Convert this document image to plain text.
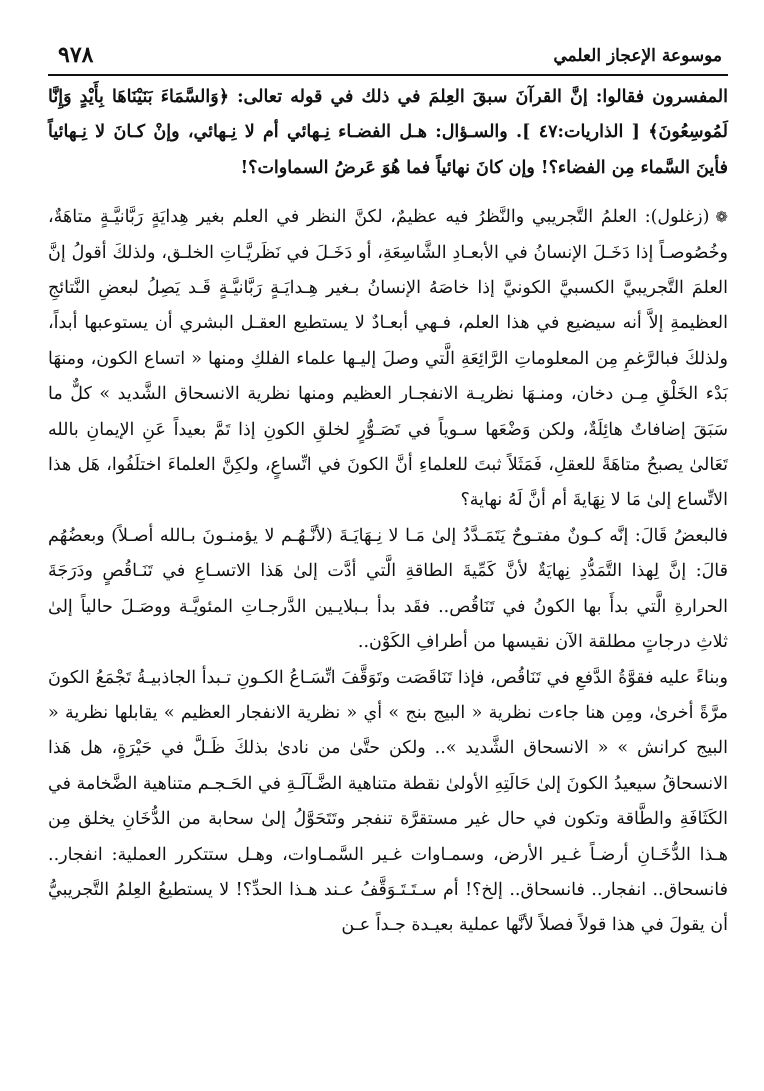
٩٧٨	موسوعة الإعجاز العلمي

المفسرون فقالوا: إنَّ القرآنَ سبقَ العِلمَ في ذلك في قوله تعالى: ﴿وَالسَّمَاءَ بَنَيْنَاهَا بِأَيْدٍ وَإِنَّا لَمُوسِعُونَ﴾ [ الذاريات:٤٧ ]. والسـؤال: هـل الفضـاء نِـهائي أم لا نِـهائي، وإنْ كـانَ لا نِـهائياً فأينَ السَّماء مِن الفضاء؟! وإن كانَ نهائياً فما هُوَ عَرضُ السماوات؟!

❁(زغلول): العلمُ التَّجريبي والنَّظرُ فيه عظيمٌ، لكنَّ النظر في العلم بغير هِدايَةٍ رَبَّانيَّـةٍ متاهَةٌ، وخُصُوصـاً إذا دَخَـلَ الإنسانُ في الأبعـادِ الشَّاسِعَةِ، أو دَخَـلَ في نَظَريَّـاتِ الخلـق، ولذلكَ أقولُ إنَّ العلمَ التَّجريبيَّ الكسبيَّ الكونيَّ إذا خاصَهُ الإنسانُ بـغير هِـدايَـةٍ رَبَّانيَّـةٍ قَـد يَصِلُ لبعضِ النَّتائجِ العظيمةِ إلاَّ أنه سيضيع في هذا العلم، فـهي أبعـادٌ لا يستطيع العقـل البشري أن يستوعبها أبداً، ولذلكَ فبالرَّغمِ مِن المعلوماتِ الرَّائِعَةِ الَّتي وصلَ إليـها علماء الفلكِ ومنها « اتساع الكون، ومنهَا بَدْء الخَلْقِ مِـن دخان، ومنـهَا نظريـة الانفجـار العظيم ومنها نظرية الانسحاق الشَّديد » كلٌّ ما سَبَقَ إضافاتٌ هائِلَةٌ، ولكن وَضْعَها سـوياً في تَصَـوُّرٍ لخلقِ الكونِ إذا تَمَّ بعيداً عَنِ الإيمانِ بالله تَعَالىٰ يصبحُ متاهَةً للعقلِ، فَمَثَلاً ثبتَ للعلماءِ أنَّ الكونَ في اتِّساعٍ، ولكِنَّ العلماءَ اختلَفُوا، هَل هذا الاتِّساع إلىٰ مَا لا نِهَايةَ أم أنَّ لَهُ نهاية؟

فالبعضُ قَالَ: إنَّه كـونٌ مفتـوحٌ يَتَمَـدَّدُ إلىٰ مَـا لا نِـهَايَـةَ (لأنَّـهُـم لا يؤمنـونَ بـالله أصـلاً) وبعضُهُم قالَ: إنَّ لِهذا التَّمَدُّدِ نِهايَةٌ لأنَّ كَمِّيةَ الطاقةِ الَّتي أدَّت إلىٰ هَذا الاتسـاعِ في تَنَـاقُصٍ ودَرَجَةَ الحرارةِ الَّتي بدأَ بها الكونُ في تَنَاقُص.. فقَد بدأ بـبلايـين الدَّرجـاتِ المئويَّـة ووصَـلَ حالياً إلىٰ ثلاثِ درجاتٍ مطلقة الآن نقيسها من أطرافِ الكَوْن..

وبناءً عليه فقوَّةُ الدَّفعِ في تَنَاقُص، فإذا تَنَاقَصَت وتَوَقَّفَ اتِّسَـاعُ الكـونِ تـبدأ الجاذبيـةُ تَجْمَعُ الكونَ مرَّةً أخرىٰ، ومِن هنا جاءت نظرية « البيج بنج » أي « نظرية الانفجار العظيم » يقابلها نظرية « البيج كرانش » « الانسحاق الشَّديد ».. ولكن حتَّىٰ من نادىٰ بذلكَ ظَـلَّ في حَيْرَةٍ، هل هَذا الانسحاقُ سيعيدُ الكونَ إلىٰ حَالَتِهِ الأولىٰ نقطة متناهية الضَّـآلَـةِ في الحَـجـم متناهية الضَّخامة في الكَثَافَةِ والطَّاقة وتكون في حال غير مستقرَّة تنفجر وتَتَحَوَّلُ إلىٰ سحابة من الدُّخَانِ يخلق مِن هـذا الدُّخَـانِ أرضـاً غـير الأرض، وسمـاوات غـير السَّمـاوات، وهـل ستتكرر العملية: انفجار.. فانسحاق.. انفجار.. فانسحاق.. إلخ؟! أم سـتَـتَـوَقَّفُ عـند هـذا الحدِّ؟! لا يستطيعُ العِلمُ التَّجريبيُّ أن يقولَ في هذا قولاً فصلاً لأنَّها عملية بعيـدة جـداً عـن
